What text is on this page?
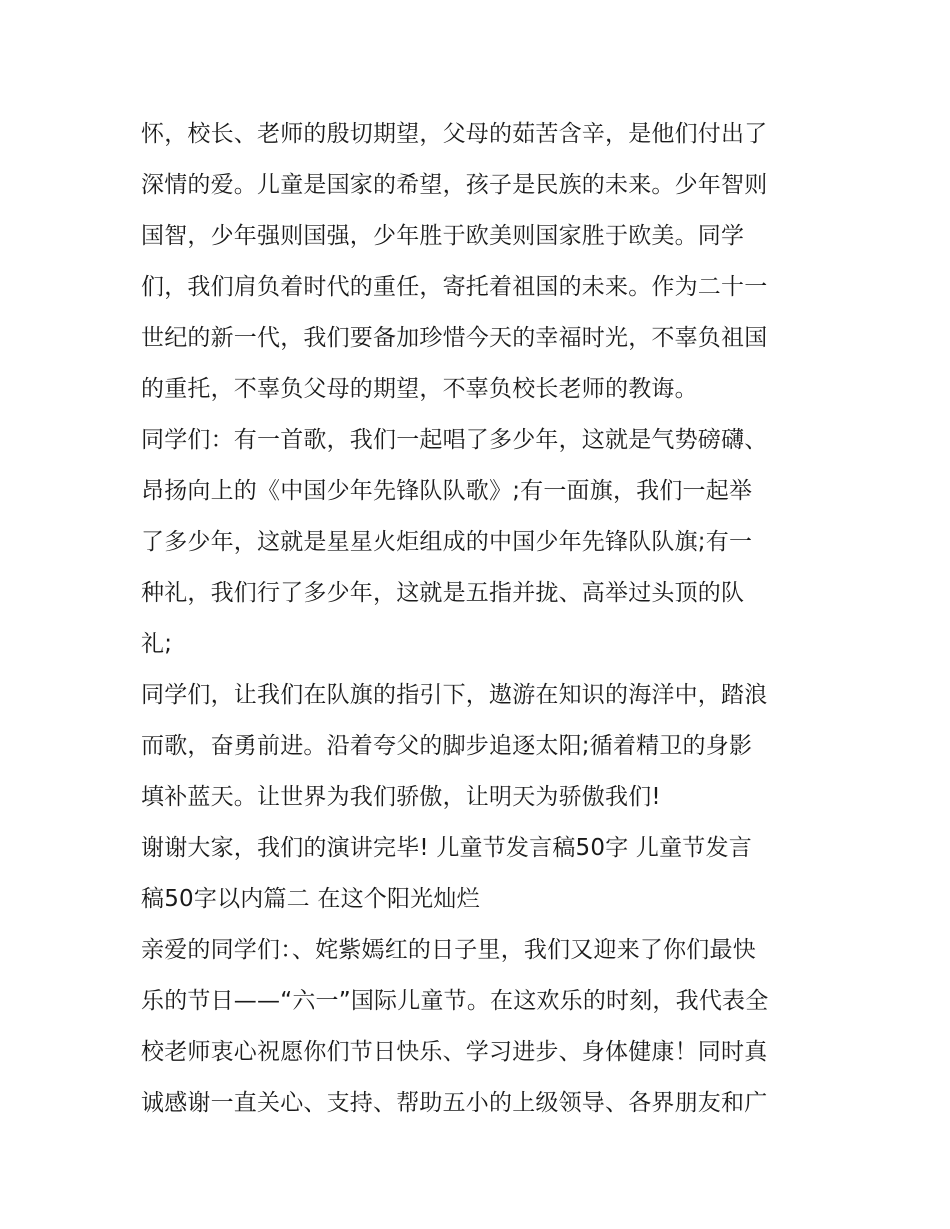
怀，校长、老师的殷切期望，父母的茹苦含辛，是他们付出了
深情的爱。儿童是国家的希望，孩子是民族的未来。少年智则
国智，少年强则国强，少年胜于欧美则国家胜于欧美。同学
们，我们肩负着时代的重任，寄托着祖国的未来。作为二十一
世纪的新一代，我们要备加珍惜今天的幸福时光，不辜负祖国
的重托，不辜负父母的期望，不辜负校长老师的教诲。
同学们：有一首歌，我们一起唱了多少年，这就是气势磅礴、
昂扬向上的《中国少年先锋队队歌》;有一面旗，我们一起举
了多少年，这就是星星火炬组成的中国少年先锋队队旗;有一
种礼，我们行了多少年，这就是五指并拢、高举过头顶的队
礼;
同学们，让我们在队旗的指引下，遨游在知识的海洋中，踏浪
而歌，奋勇前进。沿着夸父的脚步追逐太阳;循着精卫的身影
填补蓝天。让世界为我们骄傲，让明天为骄傲我们!
谢谢大家，我们的演讲完毕! 儿童节发言稿50字 儿童节发言
稿50字以内篇二 在这个阳光灿烂
亲爱的同学们：、姹紫嫣红的日子里，我们又迎来了你们最快
乐的节日——“六一”国际儿童节。在这欢乐的时刻，我代表全
校老师衷心祝愿你们节日快乐、学习进步、身体健康！同时真
诚感谢一直关心、支持、帮助五小的上级领导、各界朋友和广
